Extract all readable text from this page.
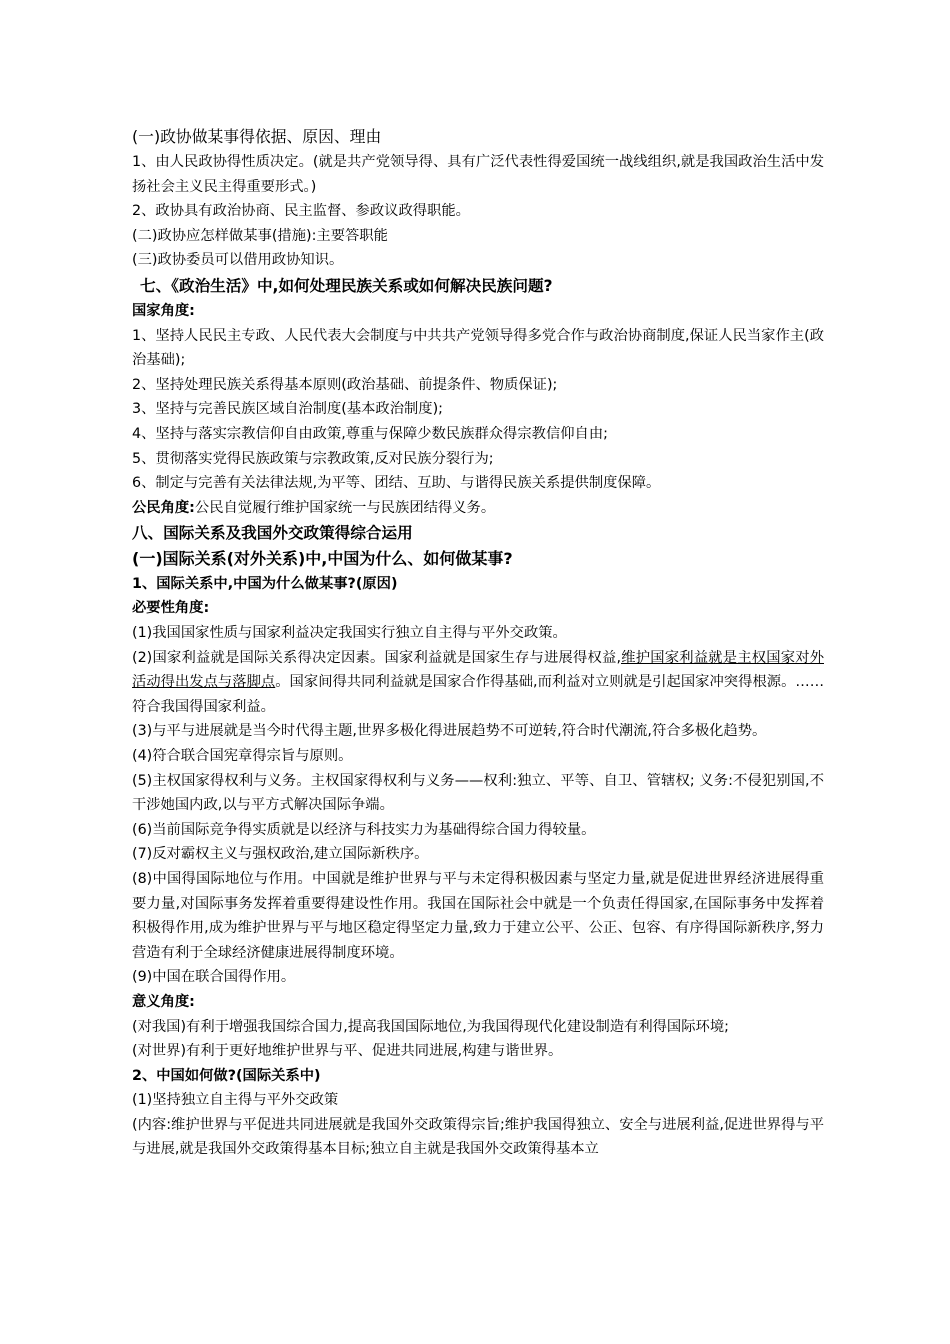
(一)政协做某事得依据、原因、理由

1、由人民政协得性质决定。(就是共产党领导得、具有广泛代表性得爱国统一战线组织,就是我国政治生活中发扬社会主义民主得重要形式。)

2、政协具有政治协商、民主监督、参政议政得职能。

(二)政协应怎样做某事(措施):主要答职能

(三)政协委员可以借用政协知识。

七、《政治生活》中,如何处理民族关系或如何解决民族问题?

国家角度:

1、坚持人民民主专政、人民代表大会制度与中共共产党领导得多党合作与政治协商制度,保证人民当家作主(政治基础);

2、坚持处理民族关系得基本原则(政治基础、前提条件、物质保证);

3、坚持与完善民族区域自治制度(基本政治制度);

4、坚持与落实宗教信仰自由政策,尊重与保障少数民族群众得宗教信仰自由;

5、贯彻落实党得民族政策与宗教政策,反对民族分裂行为;

6、制定与完善有关法律法规,为平等、团结、互助、与谐得民族关系提供制度保障。

公民角度:公民自觉履行维护国家统一与民族团结得义务。

八、国际关系及我国外交政策得综合运用

(一)国际关系(对外关系)中,中国为什么、如何做某事?

1、国际关系中,中国为什么做某事?(原因)

必要性角度:

(1)我国国家性质与国家利益决定我国实行独立自主得与平外交政策。

(2)国家利益就是国际关系得决定因素。国家利益就是国家生存与进展得权益,维护国家利益就是主权国家对外活动得出发点与落脚点。国家间得共同利益就是国家合作得基础,而利益对立则就是引起国家冲突得根源。……符合我国得国家利益。

(3)与平与进展就是当今时代得主题,世界多极化得进展趋势不可逆转,符合时代潮流,符合多极化趋势。

(4)符合联合国宪章得宗旨与原则。

(5)主权国家得权利与义务。主权国家得权利与义务——权利:独立、平等、自卫、管辖权; 义务:不侵犯别国,不干涉她国内政,以与平方式解决国际争端。

(6)当前国际竞争得实质就是以经济与科技实力为基础得综合国力得较量。

(7)反对霸权主义与强权政治,建立国际新秩序。

(8)中国得国际地位与作用。中国就是维护世界与平与未定得积极因素与坚定力量,就是促进世界经济进展得重要力量,对国际事务发挥着重要得建设性作用。我国在国际社会中就是一个负责任得国家,在国际事务中发挥着积极得作用,成为维护世界与平与地区稳定得坚定力量,致力于建立公平、公正、包容、有序得国际新秩序,努力营造有利于全球经济健康进展得制度环境。

(9)中国在联合国得作用。

意义角度:

(对我国)有利于增强我国综合国力,提高我国国际地位,为我国得现代化建设制造有利得国际环境;

(对世界)有利于更好地维护世界与平、促进共同进展,构建与谐世界。

2、中国如何做?(国际关系中)

(1)坚持独立自主得与平外交政策

(内容:维护世界与平促进共同进展就是我国外交政策得宗旨;维护我国得独立、安全与进展利益,促进世界得与平与进展,就是我国外交政策得基本目标;独立自主就是我国外交政策得基本立
